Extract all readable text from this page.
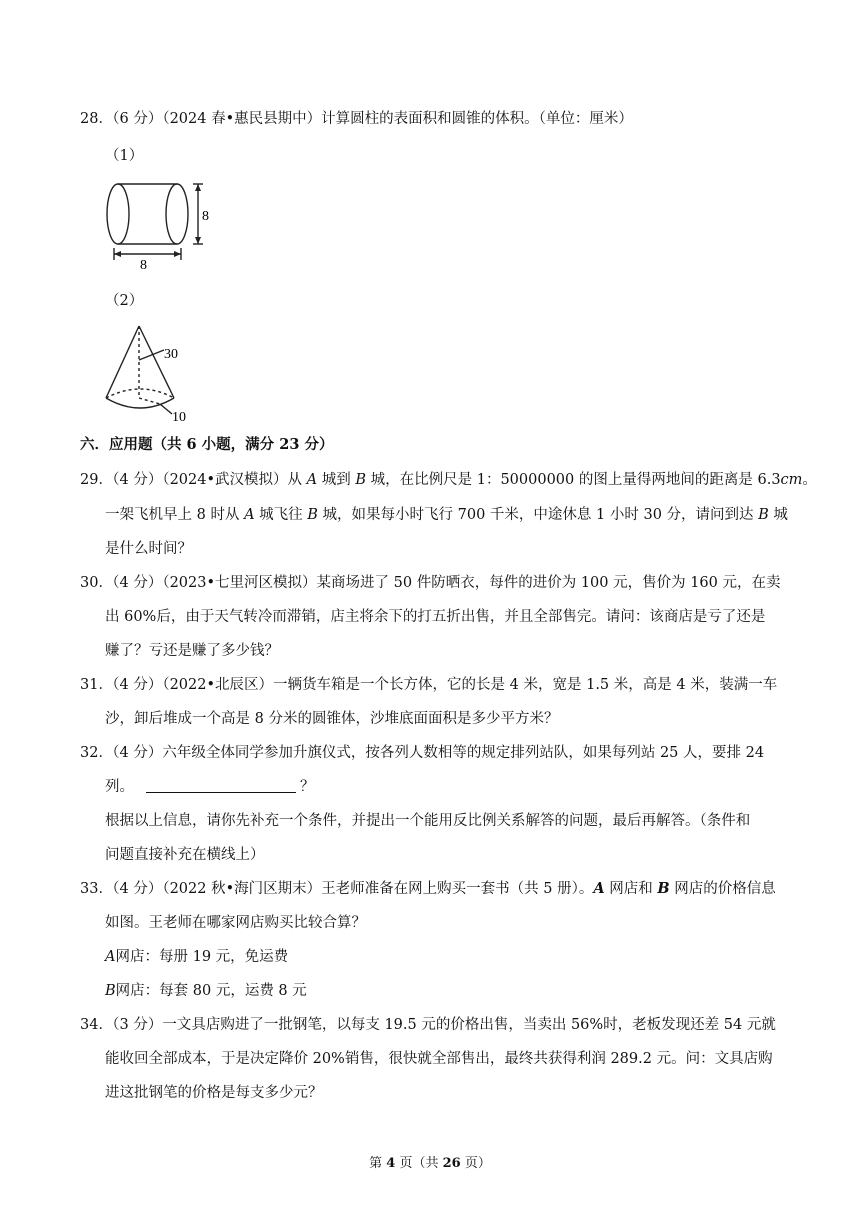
28．
（6 分）（2024 春•惠民县期中）计算圆柱的表面积和圆锥的体积。（单位：厘米）
（1）
8
8
（2）
30
10
六．应用题（共 6 小题，满分 23 分）
29．
（4 分）（2024•武汉模拟）从 A 城到 B 城，在比例尺是 1：50000000 的图上量得两地间的距离是 6.3cm。
一架飞机早上 8 时从 A 城飞往 B 城，如果每小时飞行 700 千米，中途休息 1 小时 30 分，请问到达 B 城
是什么时间？
30．
（4 分）（2023•七里河区模拟）某商场进了 50 件防晒衣，每件的进价为 100 元，售价为 160 元，在卖
出 60%后，由于天气转冷而滞销，店主将余下的打五折出售，并且全部售完。请问：该商店是亏了还是
赚了？亏还是赚了多少钱？
31．
（4 分）（2022•北辰区）一辆货车箱是一个长方体，它的长是 4 米，宽是 1.5 米，高是 4 米，装满一车
沙，卸后堆成一个高是 8 分米的圆锥体，沙堆底面面积是多少平方米？
32．
（4 分）六年级全体同学参加升旗仪式，按各列人数相等的规定排列站队，如果每列站 25 人，要排 24
列。	？
根据以上信息，请你先补充一个条件，并提出一个能用反比例关系解答的问题，最后再解答。（条件和
问题直接补充在横线上）
33．
（4 分）（2022 秋•海门区期末）王老师准备在网上购买一套书（共 5 册）。A 网店和 B 网店的价格信息
如图。王老师在哪家网店购买比较合算？
A网店：每册 19 元，免运费
B网店：每套 80 元，运费 8 元
34．
（3 分）一文具店购进了一批钢笔，以每支 19.5 元的价格出售，当卖出 56%时，老板发现还差 54 元就
能收回全部成本，于是决定降价 20%销售，很快就全部售出，最终共获得利润 289.2 元。问：文具店购
进这批钢笔的价格是每支多少元？
第 4 页（共 26 页）
